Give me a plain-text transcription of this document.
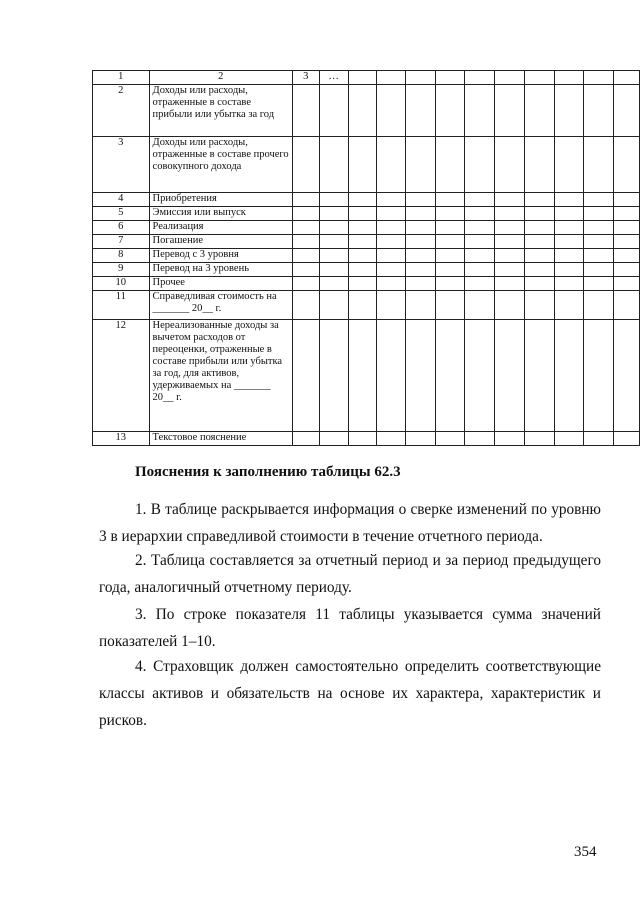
1	2	3	…										
2	Доходы или расходы, отраженные в составе прибыли или убытка за год												
3	Доходы или расходы, отраженные в составе прочего совокупного дохода												
4	Приобретения												
5	Эмиссия или выпуск												
6	Реализация												
7	Погашение												
8	Перевод с 3 уровня												
9	Перевод на 3 уровень												
10	Прочее												
11	Справедливая стоимость на _______ 20__ г.												
12	Нереализованные доходы за вычетом расходов от переоценки, отраженные в составе прибыли или убытка за год, для активов, удерживаемых на _______ 20__ г.												
13	Текстовое пояснение												
Пояснения к заполнению таблицы 62.3

1. В таблице раскрывается информация о сверке изменений по уровню 3 в иерархии справедливой стоимости в течение отчетного периода.

2. Таблица составляется за отчетный период и за период предыдущего года, аналогичный отчетному периоду.

3. По строке показателя 11 таблицы указывается сумма значений показателей 1–10.

4. Страховщик должен самостоятельно определить соответствующие классы активов и обязательств на основе их характера, характеристик и рисков.

354
